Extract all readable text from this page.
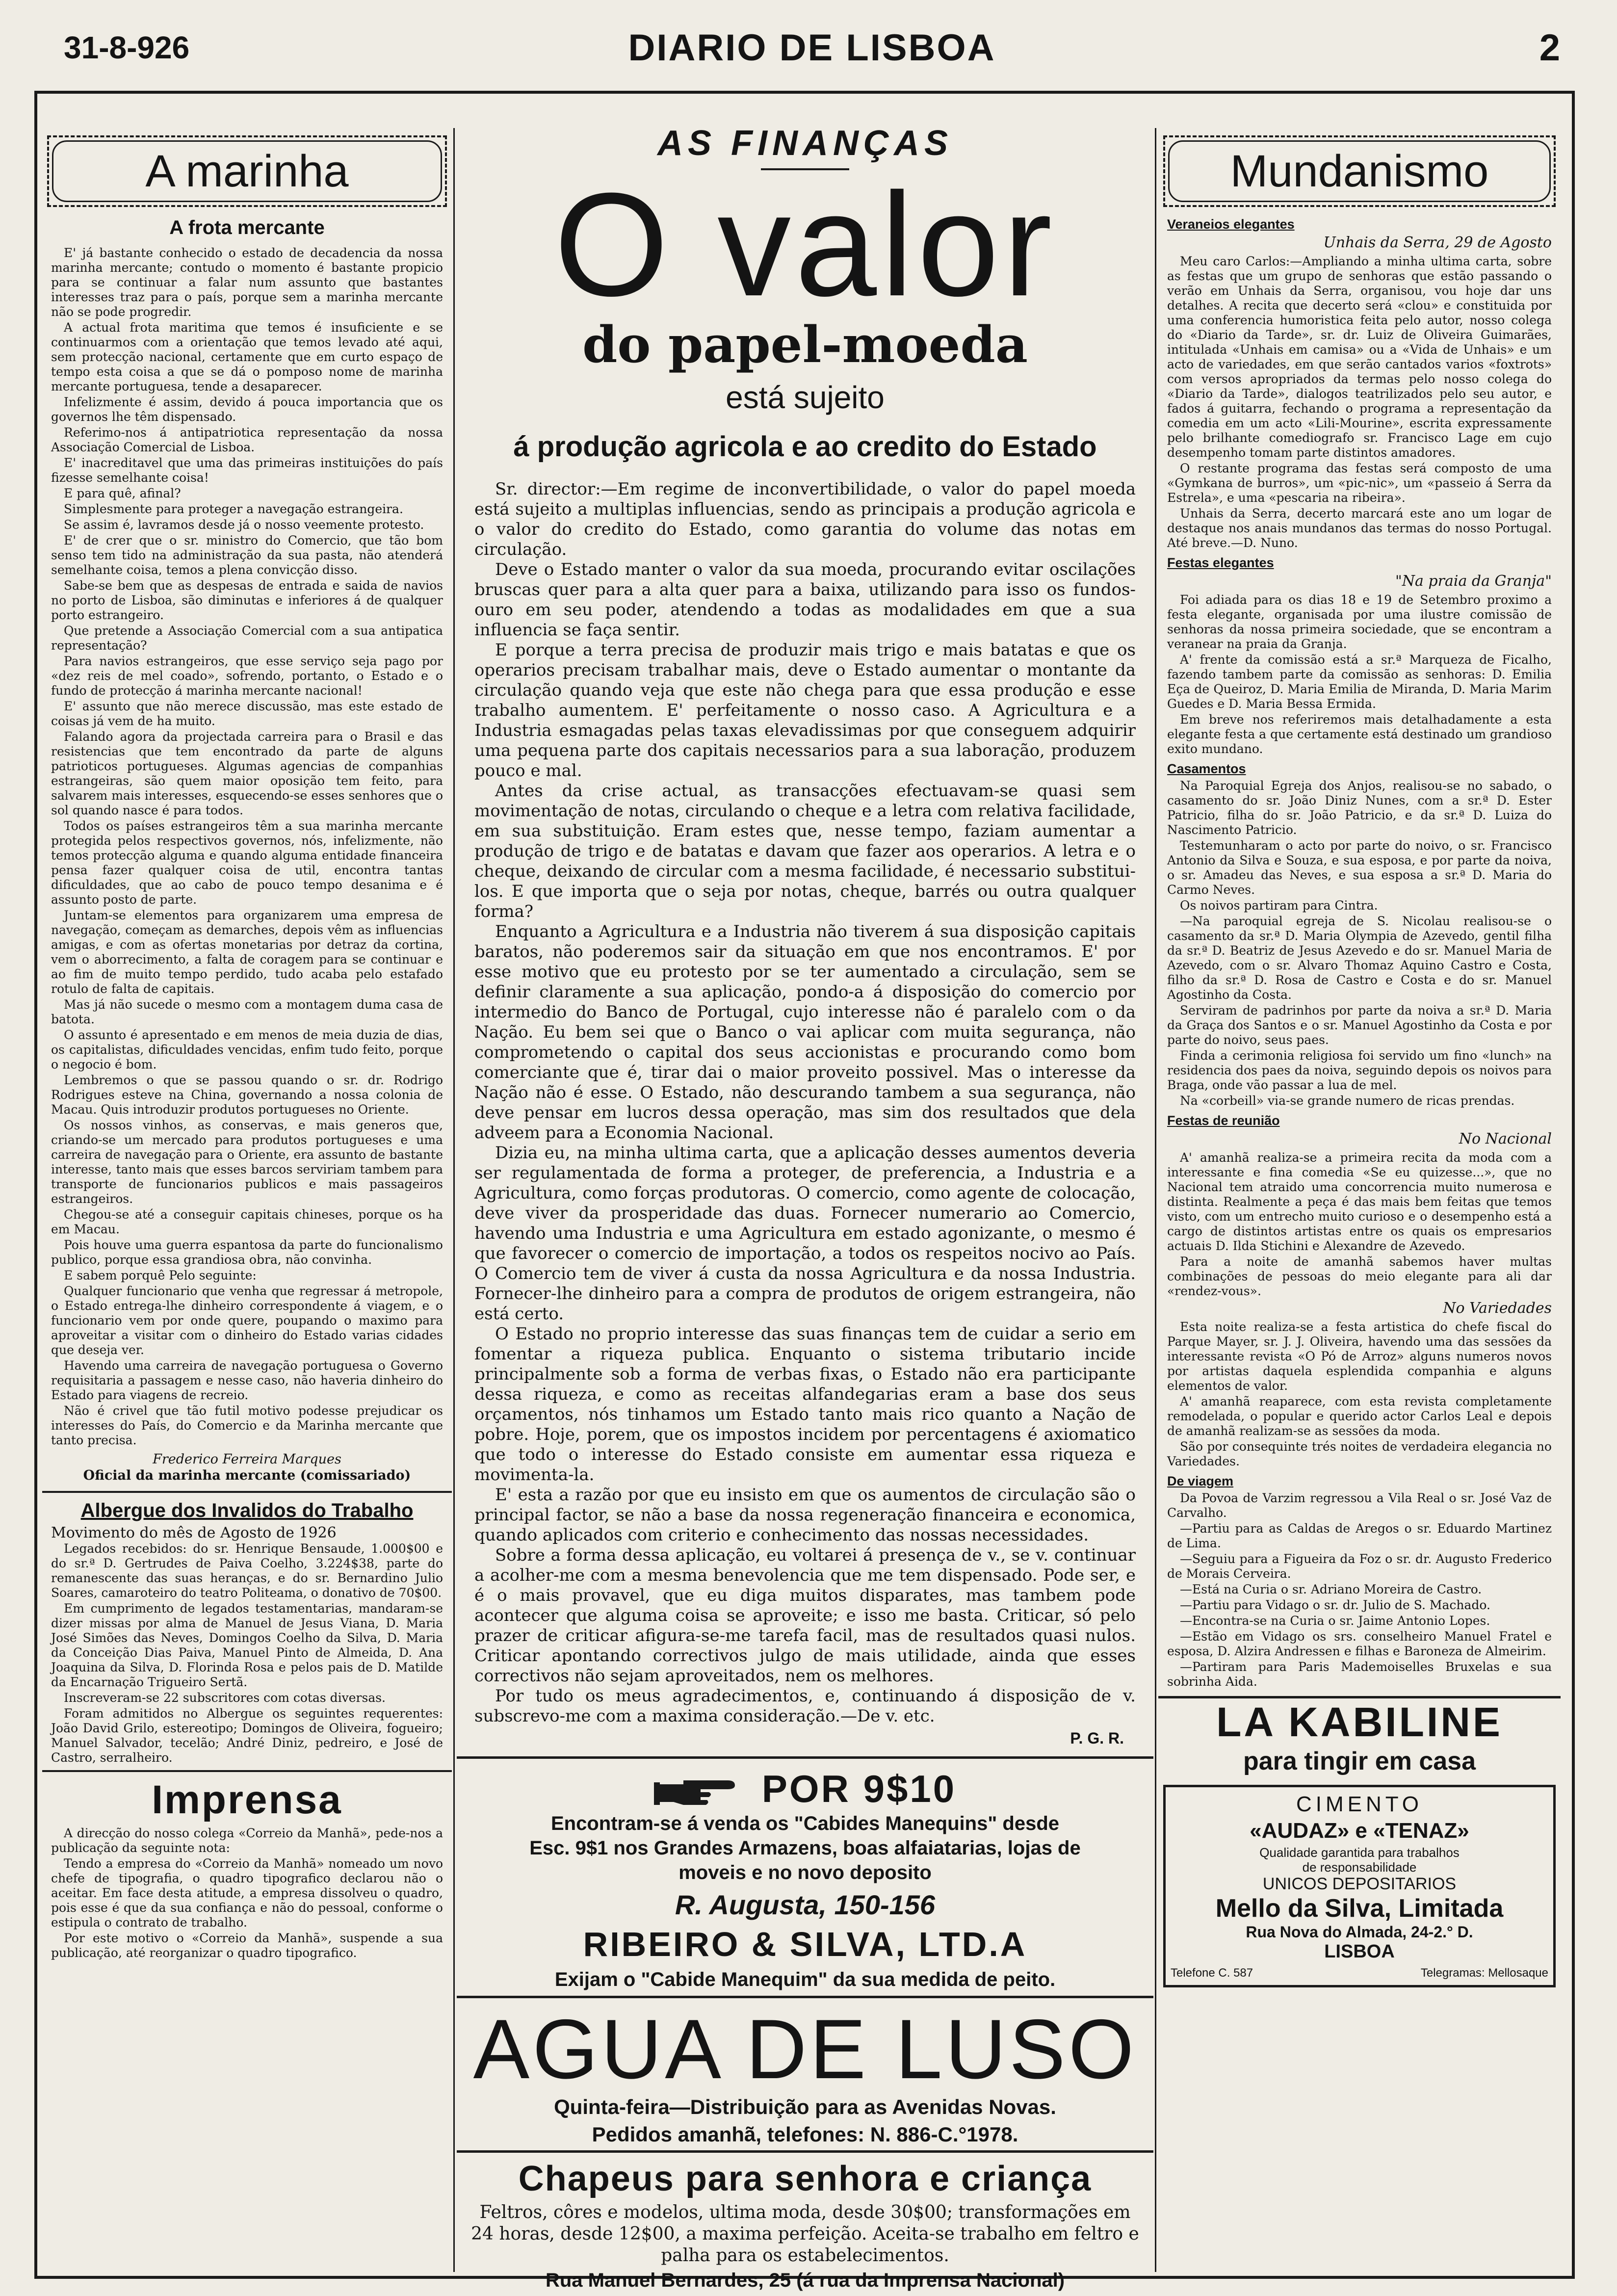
31-8-926	DIARIO DE LISBOA	2
A marinha
A frota mercante

E' já bastante conhecido o estado de decadencia da nossa marinha mercante; contudo o momento é bastante propicio para se continuar a falar num assunto que bastantes interesses traz para o país, porque sem a marinha mercante não se pode progredir.

A actual frota maritima que temos é insuficiente e se continuarmos com a orientação que temos levado até aqui, sem protecção nacional, certamente que em curto espaço de tempo esta coisa a que se dá o pomposo nome de marinha mercante portuguesa, tende a desaparecer.

Infelizmente é assim, devido á pouca importancia que os governos lhe têm dispensado.

Referimo-nos á antipatriotica representação da nossa Associação Comercial de Lisboa.

E' inacreditavel que uma das primeiras instituições do país fizesse semelhante coisa!

E para quê, afinal?

Simplesmente para proteger a navegação estrangeira.

Se assim é, lavramos desde já o nosso veemente protesto.

E' de crer que o sr. ministro do Comercio, que tão bom senso tem tido na administração da sua pasta, não atenderá semelhante coisa, temos a plena convicção disso.

Sabe-se bem que as despesas de entrada e saida de navios no porto de Lisboa, são diminutas e inferiores á de qualquer porto estrangeiro.

Que pretende a Associação Comercial com a sua antipatica representação?

Para navios estrangeiros, que esse serviço seja pago por «dez reis de mel coado», sofrendo, portanto, o Estado e o fundo de protecção á marinha mercante nacional!

E' assunto que não merece discussão, mas este estado de coisas já vem de ha muito.

Falando agora da projectada carreira para o Brasil e das resistencias que tem encontrado da parte de alguns patrioticos portugueses. Algumas agencias de companhias estrangeiras, são quem maior oposição tem feito, para salvarem mais interesses, esquecendo-se esses senhores que o sol quando nasce é para todos.

Todos os países estrangeiros têm a sua marinha mercante protegida pelos respectivos governos, nós, infelizmente, não temos protecção alguma e quando alguma entidade financeira pensa fazer qualquer coisa de util, encontra tantas dificuldades, que ao cabo de pouco tempo desanima e é assunto posto de parte.

Juntam-se elementos para organizarem uma empresa de navegação, começam as demarches, depois vêm as influencias amigas, e com as ofertas monetarias por detraz da cortina, vem o aborrecimento, a falta de coragem para se continuar e ao fim de muito tempo perdido, tudo acaba pelo estafado rotulo de falta de capitais.

Mas já não sucede o mesmo com a montagem duma casa de batota.

O assunto é apresentado e em menos de meia duzia de dias, os capitalistas, dificuldades vencidas, enfim tudo feito, porque o negocio é bom.

Lembremos o que se passou quando o sr. dr. Rodrigo Rodrigues esteve na China, governando a nossa colonia de Macau. Quis introduzir produtos portugueses no Oriente.

Os nossos vinhos, as conservas, e mais generos que, criando-se um mercado para produtos portugueses e uma carreira de navegação para o Oriente, era assunto de bastante interesse, tanto mais que esses barcos serviriam tambem para transporte de funcionarios publicos e mais passageiros estrangeiros.

Chegou-se até a conseguir capitais chineses, porque os ha em Macau.

Pois houve uma guerra espantosa da parte do funcionalismo publico, porque essa grandiosa obra, não convinha.

E sabem porquê Pelo seguinte:

Qualquer funcionario que venha que regressar á metropole, o Estado entrega-lhe dinheiro correspondente á viagem, e o funcionario vem por onde quere, poupando o maximo para aproveitar a visitar com o dinheiro do Estado varias cidades que deseja ver.

Havendo uma carreira de navegação portuguesa o Governo requisitaria a passagem e nesse caso, não haveria dinheiro do Estado para viagens de recreio.

Não é crivel que tão futil motivo podesse prejudicar os interesses do País, do Comercio e da Marinha mercante que tanto precisa.

Frederico Ferreira Marques
Oficial da marinha mercante (comissariado)
Albergue dos Invalidos do Trabalho

Movimento do mês de Agosto de 1926

Legados recebidos: do sr. Henrique Bensaude, 1.000$00 e do sr.ª D. Gertrudes de Paiva Coelho, 3.224$38, parte do remanescente das suas heranças, e do sr. Bernardino Julio Soares, camaroteiro do teatro Politeama, o donativo de 70$00.

Em cumprimento de legados testamentarias, mandaram-se dizer missas por alma de Manuel de Jesus Viana, D. Maria José Simões das Neves, Domingos Coelho da Silva, D. Maria da Conceição Dias Paiva, Manuel Pinto de Almeida, D. Ana Joaquina da Silva, D. Florinda Rosa e pelos pais de D. Matilde da Encarnação Trigueiro Sertã.

Inscreveram-se 22 subscritores com cotas diversas.

Foram admitidos no Albergue os seguintes requerentes: João David Grilo, estereotipo; Domingos de Oliveira, fogueiro; Manuel Salvador, tecelão; André Diniz, pedreiro, e José de Castro, serralheiro.

Imprensa

A direcção do nosso colega «Correio da Manhã», pede-nos a publicação da seguinte nota:

Tendo a empresa do «Correio da Manhã» nomeado um novo chefe de tipografia, o quadro tipografico declarou não o aceitar. Em face desta atitude, a empresa dissolveu o quadro, pois esse é que da sua confiança e não do pessoal, conforme o estipula o contrato de trabalho.

Por este motivo o «Correio da Manhã», suspende a sua publicação, até reorganizar o quadro tipografico.

AS FINANÇAS
O valor
do papel-moeda
está sujeito
á produção agricola e ao credito do Estado

Sr. director:—Em regime de inconvertibilidade, o valor do papel moeda está sujeito a multiplas influencias, sendo as principais a produção agricola e o valor do credito do Estado, como garantia do volume das notas em circulação.

Deve o Estado manter o valor da sua moeda, procurando evitar oscilações bruscas quer para a alta quer para a baixa, utilizando para isso os fundos-ouro em seu poder, atendendo a todas as modalidades em que a sua influencia se faça sentir.

E porque a terra precisa de produzir mais trigo e mais batatas e que os operarios precisam trabalhar mais, deve o Estado aumentar o montante da circulação quando veja que este não chega para que essa produção e esse trabalho aumentem. E' perfeitamente o nosso caso. A Agricultura e a Industria esmagadas pelas taxas elevadissimas por que conseguem adquirir uma pequena parte dos capitais necessarios para a sua laboração, produzem pouco e mal.

Antes da crise actual, as transacções efectuavam-se quasi sem movimentação de notas, circulando o cheque e a letra com relativa facilidade, em sua substituição. Eram estes que, nesse tempo, faziam aumentar a produção de trigo e de batatas e davam que fazer aos operarios. A letra e o cheque, deixando de circular com a mesma facilidade, é necessario substitui-los. E que importa que o seja por notas, cheque, barrés ou outra qualquer forma?

Enquanto a Agricultura e a Industria não tiverem á sua disposição capitais baratos, não poderemos sair da situação em que nos encontramos. E' por esse motivo que eu protesto por se ter aumentado a circulação, sem se definir claramente a sua aplicação, pondo-a á disposição do comercio por intermedio do Banco de Portugal, cujo interesse não é paralelo com o da Nação. Eu bem sei que o Banco o vai aplicar com muita segurança, não comprometendo o capital dos seus accionistas e procurando como bom comerciante que é, tirar dai o maior proveito possivel. Mas o interesse da Nação não é esse. O Estado, não descurando tambem a sua segurança, não deve pensar em lucros dessa operação, mas sim dos resultados que dela adveem para a Economia Nacional.

Dizia eu, na minha ultima carta, que a aplicação desses aumentos deveria ser regulamentada de forma a proteger, de preferencia, a Industria e a Agricultura, como forças produtoras. O comercio, como agente de colocação, deve viver da prosperidade das duas. Fornecer numerario ao Comercio, havendo uma Industria e uma Agricultura em estado agonizante, o mesmo é que favorecer o comercio de importação, a todos os respeitos nocivo ao País. O Comercio tem de viver á custa da nossa Agricultura e da nossa Industria. Fornecer-lhe dinheiro para a compra de produtos de origem estrangeira, não está certo.

O Estado no proprio interesse das suas finanças tem de cuidar a serio em fomentar a riqueza publica. Enquanto o sistema tributario incide principalmente sob a forma de verbas fixas, o Estado não era participante dessa riqueza, e como as receitas alfandegarias eram a base dos seus orçamentos, nós tinhamos um Estado tanto mais rico quanto a Nação de pobre. Hoje, porem, que os impostos incidem por percentagens é axiomatico que todo o interesse do Estado consiste em aumentar essa riqueza e movimenta-la.

E' esta a razão por que eu insisto em que os aumentos de circulação são o principal factor, se não a base da nossa regeneração financeira e economica, quando aplicados com criterio e conhecimento das nossas necessidades.

Sobre a forma dessa aplicação, eu voltarei á presença de v., se v. continuar a acolher-me com a mesma benevolencia que me tem dispensado. Pode ser, e é o mais provavel, que eu diga muitos disparates, mas tambem pode acontecer que alguma coisa se aproveite; e isso me basta. Criticar, só pelo prazer de criticar afigura-se-me tarefa facil, mas de resultados quasi nulos. Criticar apontando correctivos julgo de mais utilidade, ainda que esses correctivos não sejam aproveitados, nem os melhores.

Por tudo os meus agradecimentos, e, continuando á disposição de v. subscrevo-me com a maxima consideração.—De v. etc.

P. G. R.
POR 9$10
Encontram-se á venda os "Cabides Manequins" desde
Esc. 9$1 nos Grandes Armazens, boas alfaiatarias, lojas de
moveis e no novo deposito
R. Augusta, 150-156
RIBEIRO & SILVA, LTD.A
Exijam o "Cabide Manequim" da sua medida de peito.
AGUA DE LUSO
Quinta-feira—Distribuição para as Avenidas Novas.
Pedidos amanhã, telefones: N. 886-C.°1978.
Chapeus para senhora e criança
Feltros, côres e modelos, ultima moda, desde 30$00; transformações em 24 horas, desde 12$00, a maxima perfeição. Aceita-se trabalho em feltro e palha para os estabelecimentos.
Rua Manuel Bernardes, 25 (á rua da Imprensa Nacional)
Mundanismo
Veraneios elegantes
Unhais da Serra, 29 de Agosto

Meu caro Carlos:—Ampliando a minha ultima carta, sobre as festas que um grupo de senhoras que estão passando o verão em Unhais da Serra, organisou, vou hoje dar uns detalhes. A recita que decerto será «clou» e constituida por uma conferencia humoristica feita pelo autor, nosso colega do «Diario da Tarde», sr. dr. Luiz de Oliveira Guimarães, intitulada «Unhais em camisa» ou a «Vida de Unhais» e um acto de variedades, em que serão cantados varios «foxtrots» com versos apropriados da termas pelo nosso colega do «Diario da Tarde», dialogos teatrilizados pelo seu autor, e fados á guitarra, fechando o programa a representação da comedia em um acto «Lili-Mourine», escrita expressamente pelo brilhante comediografo sr. Francisco Lage em cujo desempenho tomam parte distintos amadores.

O restante programa das festas será composto de uma «Gymkana de burros», um «pic-nic», um «passeio á Serra da Estrela», e uma «pescaria na ribeira».

Unhais da Serra, decerto marcará este ano um logar de destaque nos anais mundanos das termas do nosso Portugal. Até breve.—D. Nuno.

Festas elegantes
"Na praia da Granja"

Foi adiada para os dias 18 e 19 de Setembro proximo a festa elegante, organisada por uma ilustre comissão de senhoras da nossa primeira sociedade, que se encontram a veranear na praia da Granja.

A' frente da comissão está a sr.ª Marqueza de Ficalho, fazendo tambem parte da comissão as senhoras: D. Emilia Eça de Queiroz, D. Maria Emilia de Miranda, D. Maria Marim Guedes e D. Maria Bessa Ermida.

Em breve nos referiremos mais detalhadamente a esta elegante festa a que certamente está destinado um grandioso exito mundano.

Casamentos

Na Paroquial Egreja dos Anjos, realisou-se no sabado, o casamento do sr. João Diniz Nunes, com a sr.ª D. Ester Patricio, filha do sr. João Patricio, e da sr.ª D. Luiza do Nascimento Patricio.

Testemunharam o acto por parte do noivo, o sr. Francisco Antonio da Silva e Souza, e sua esposa, e por parte da noiva, o sr. Amadeu das Neves, e sua esposa a sr.ª D. Maria do Carmo Neves.

Os noivos partiram para Cintra.

—Na paroquial egreja de S. Nicolau realisou-se o casamento da sr.ª D. Maria Olympia de Azevedo, gentil filha da sr.ª D. Beatriz de Jesus Azevedo e do sr. Manuel Maria de Azevedo, com o sr. Alvaro Thomaz Aquino Castro e Costa, filho da sr.ª D. Rosa de Castro e Costa e do sr. Manuel Agostinho da Costa.

Serviram de padrinhos por parte da noiva a sr.ª D. Maria da Graça dos Santos e o sr. Manuel Agostinho da Costa e por parte do noivo, seus paes.

Finda a cerimonia religiosa foi servido um fino «lunch» na residencia dos paes da noiva, seguindo depois os noivos para Braga, onde vão passar a lua de mel.

Na «corbeill» via-se grande numero de ricas prendas.

Festas de reunião
No Nacional

A' amanhã realiza-se a primeira recita da moda com a interessante e fina comedia «Se eu quizesse...», que no Nacional tem atraido uma concorrencia muito numerosa e distinta. Realmente a peça é das mais bem feitas que temos visto, com um entrecho muito curioso e o desempenho está a cargo de distintos artistas entre os quais os empresarios actuais D. Ilda Stichini e Alexandre de Azevedo.

Para a noite de amanhã sabemos haver multas combinações de pessoas do meio elegante para ali dar «rendez-vous».

No Variedades

Esta noite realiza-se a festa artistica do chefe fiscal do Parque Mayer, sr. J. J. Oliveira, havendo uma das sessões da interessante revista «O Pó de Arroz» alguns numeros novos por artistas daquela esplendida companhia e alguns elementos de valor.

A' amanhã reaparece, com esta revista completamente remodelada, o popular e querido actor Carlos Leal e depois de amanhã realizam-se as sessões da moda.

São por consequinte trés noites de verdadeira elegancia no Variedades.

De viagem

Da Povoa de Varzim regressou a Vila Real o sr. José Vaz de Carvalho.

—Partiu para as Caldas de Aregos o sr. Eduardo Martinez de Lima.

—Seguiu para a Figueira da Foz o sr. dr. Augusto Frederico de Morais Cerveira.

—Está na Curia o sr. Adriano Moreira de Castro.

—Partiu para Vidago o sr. dr. Julio de S. Machado.

—Encontra-se na Curia o sr. Jaime Antonio Lopes.

—Estão em Vidago os srs. conselheiro Manuel Fratel e esposa, D. Alzira Andressen e filhas e Baroneza de Almeirim.

—Partiram para Paris Mademoiselles Bruxelas e sua sobrinha Aida.

LA KABILINE
para tingir em casa
CIMENTO
«AUDAZ» e «TENAZ»
Qualidade garantida para trabalhos
de responsabilidade
UNICOS DEPOSITARIOS
Mello da Silva, Limitada
Rua Nova do Almada, 24-2.° D.
LISBOA
Telefone C. 587	Telegramas: Mellosaque
